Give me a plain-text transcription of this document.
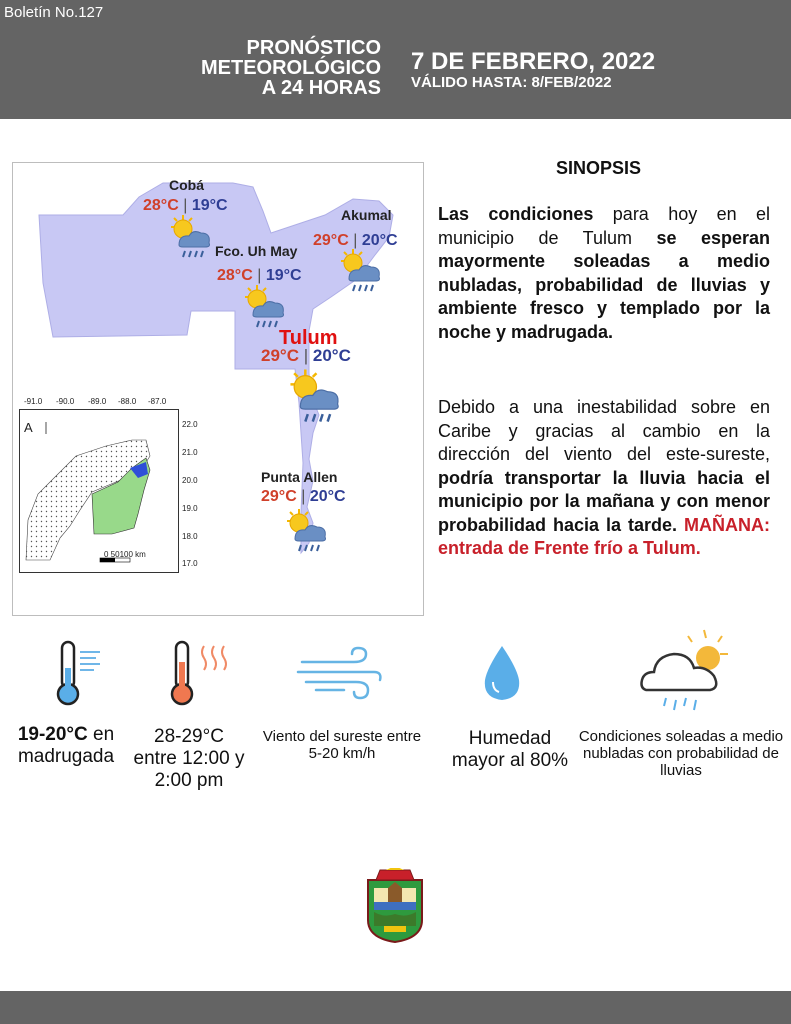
Boletín No.127
PRONÓSTICO
METEOROLÓGICO
A 24 HORAS
7 DE FEBRERO, 2022
VÁLIDO HASTA: 8/FEB/2022
-91.0 -90.0 -89.0 -88.0 -87.0
22.0
21.0
20.0
19.0
18.0
17.0
A
0 50100 km
Cobá
28°C | 19°C
Akumal
29°C | 20°C
Fco. Uh May
28°C | 19°C
Tulum
29°C | 20°C
Punta Allen
29°C | 20°C
SINOPSIS
Las condiciones para hoy en el municipio de Tulum se esperan mayormente soleadas a medio nubladas, probabilidad de lluvias y ambiente fresco y templado por la noche y madrugada.
Debido a una inestabilidad sobre en Caribe y gracias al cambio en la dirección del viento del este-sureste, podría transportar la lluvia hacia el municipio por la mañana y con menor probabilidad hacia la tarde. MAÑANA: entrada de Frente frío a Tulum.
19-20°C en madrugada
28-29°C entre 12:00 y 2:00 pm
Viento del sureste entre 5-20 km/h
Humedad mayor al 80%
Condiciones soleadas a medio nubladas con probabilidad de lluvias
